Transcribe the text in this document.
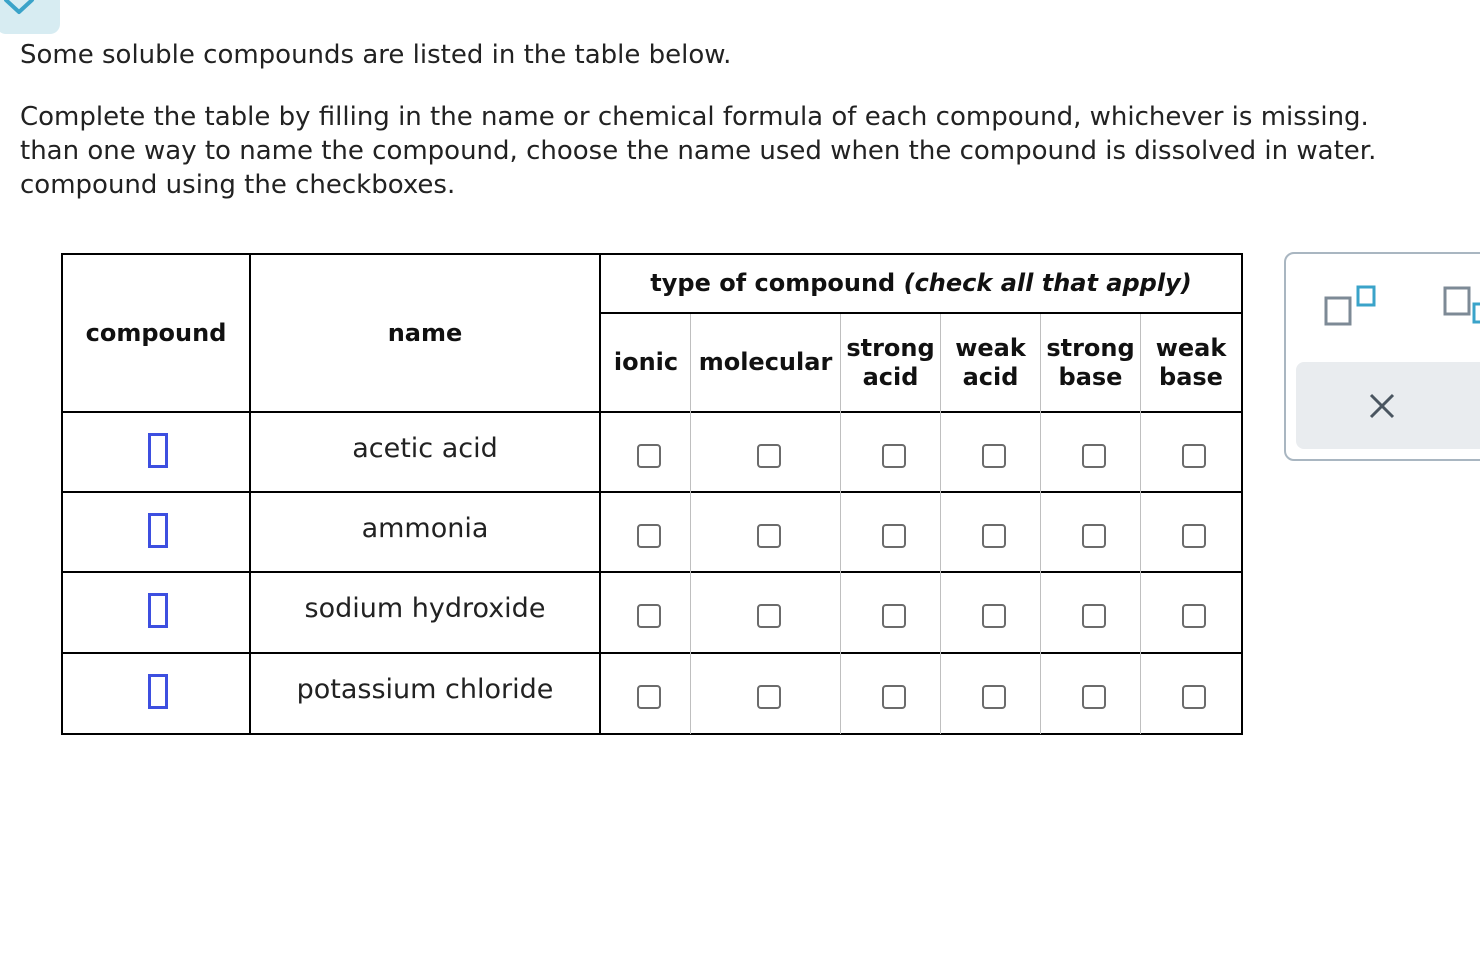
Some soluble compounds are listed in the table below.

Complete the table by filling in the name or chemical formula of each compound, whichever is missing.
than one way to name the compound, choose the name used when the compound is dissolved in water.
compound using the checkboxes.

compound	name
type of compound
(check all that apply)
ionic molecular
strong
acid
weak
acid
strong
base
weak
base
acetic acid
ammonia
sodium hydroxide
potassium chloride
